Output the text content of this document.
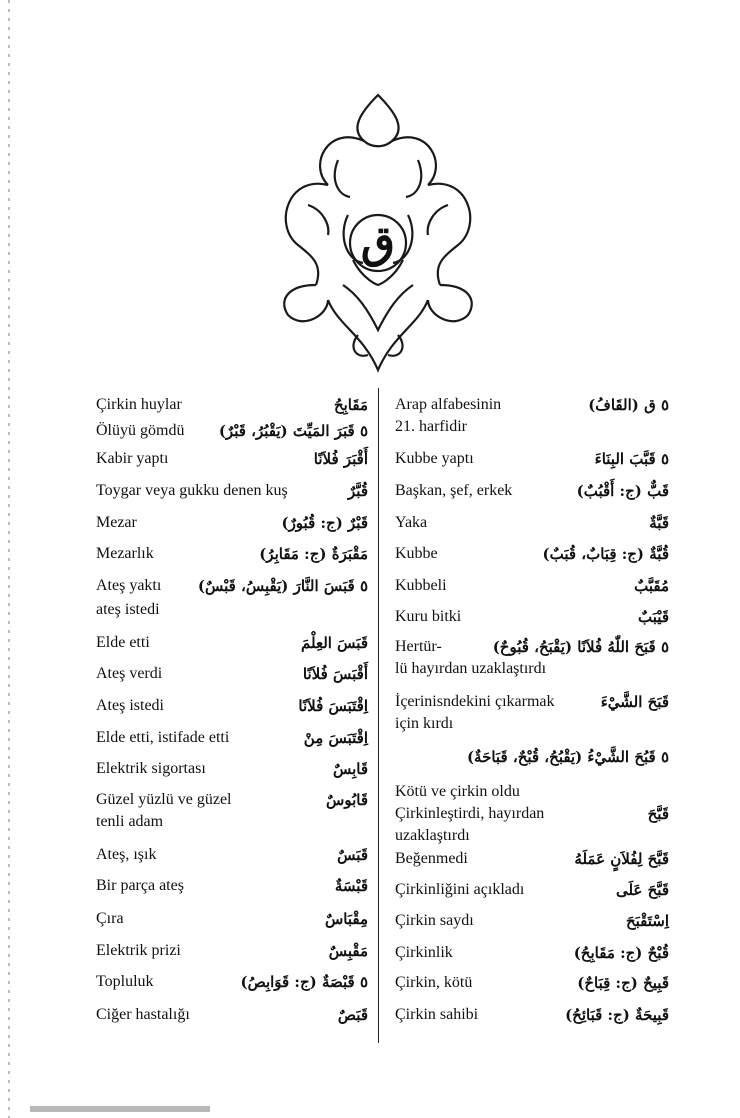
ق
Çirkin huylar	مَقَابِحُ
Ölüyü gömdü ٥ قَبَرَ المَيِّتَ (يَقْبُرُ، قَبْرٌ)
Kabir yaptı	أَقْبَرَ فُلاَنًا
Toygar veya gukku denen kuş	قُبَّرٌ
Mezar	قَبْرٌ (ج: قُبُورٌ)
Mezarlık	مَقْبَرَةٌ (ج: مَقَابِرُ)
Ateş yaktı ٥ قَبَسَ النَّارَ (يَقْبِسُ، قَبْسٌ)
ateş istedi
Elde etti	قَبَسَ العِلْمَ
Ateş verdi	أَقْبَسَ فُلاَنًا
Ateş istedi	اِقْتَبَسَ فُلاَنًا
Elde etti, istifade etti	اِقْتَبَسَ مِنْ
Elektrik sigortası	قَابِسٌ
Güzel yüzlü ve güzel	قَابُوسٌ
tenli adam
Ateş, ışık	قَبَسٌ
Bir parça ateş	قَبْسَةٌ
Çıra	مِقْبَاسٌ
Elektrik prizi	مَقْبِسٌ
Topluluk	٥ قَبْصَةٌ (ج: قَوَابِصُ)
Ciğer hastalığı	قَبَصٌ
Arap alfabesinin	٥ ق (القَافُ)
21. harfidir
Kubbe yaptı	٥ قَبَّبَ البِنَاءَ
Başkan, şef, erkek	قَبٌّ (ج: أَقْبُبٌ)
Yaka	قَبَّةٌ
Kubbe	قُبَّةٌ (ج: قِبَابٌ، قُبَبٌ)
Kubbeli	مُقَبَّبٌ
Kuru bitki	قَيْبَبٌ
Hertür-	٥ قَبَحَ اللّٰهُ فُلاَنًا (يَقْبَحُ، قُبُوحٌ)
lü hayırdan uzaklaştırdı
İçerinisndekini çıkarmak	قَبَحَ الشَّيْءَ
için kırdı
٥ قَبُحَ الشَّيْءُ (يَقْبُحُ، قُبْحٌ، قَبَاحَةٌ)
Kötü ve çirkin oldu
Çirkinleştirdi, hayırdan	قَبَّحَ
uzaklaştırdı
Beğenmedi	قَبَّحَ لِفُلاَنٍ عَمَلَهُ
Çirkinliğini açıkladı	قَبَّحَ عَلَى
Çirkin saydı	اِسْتَقْبَحَ
Çirkinlik	قُبْحٌ (ج: مَقَابِحُ)
Çirkin, kötü	قَبِيحٌ (ج: قِبَاحٌ)
Çirkin sahibi	قَبِيحَةٌ (ج: قَبَائِحُ)
